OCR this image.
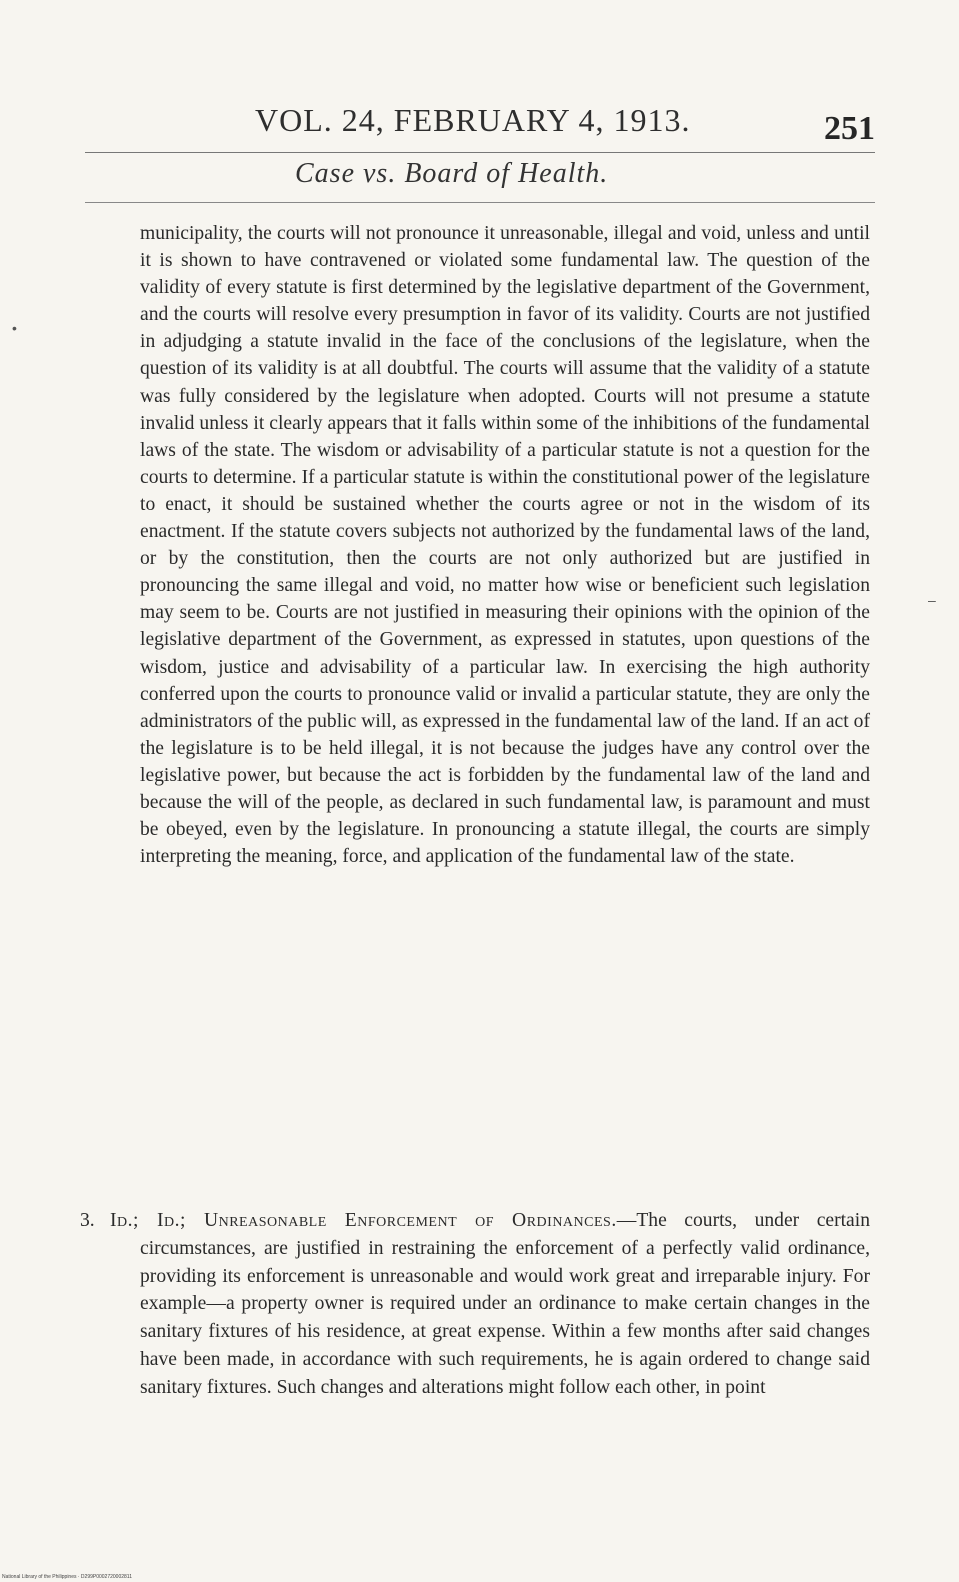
VOL. 24, FEBRUARY 4, 1913.	251
Case vs. Board of Health.

municipality, the courts will not pronounce it unreasonable, illegal and void, unless and until it is shown to have contravened or violated some fundamental law. The question of the validity of every statute is first determined by the legislative department of the Government, and the courts will resolve every presumption in favor of its validity. Courts are not justified in adjudging a statute invalid in the face of the conclusions of the legislature, when the question of its validity is at all doubtful. The courts will assume that the validity of a statute was fully considered by the legislature when adopted. Courts will not presume a statute invalid unless it clearly appears that it falls within some of the inhibitions of the fundamental laws of the state. The wisdom or advisability of a particular statute is not a question for the courts to determine. If a particular statute is within the constitutional power of the legislature to enact, it should be sustained whether the courts agree or not in the wisdom of its enactment. If the statute covers subjects not authorized by the fundamental laws of the land, or by the constitution, then the courts are not only authorized but are justified in pronouncing the same illegal and void, no matter how wise or beneficient such legislation may seem to be. Courts are not justified in measuring their opinions with the opinion of the legislative department of the Government, as expressed in statutes, upon questions of the wisdom, justice and advisability of a particular law. In exercising the high authority conferred upon the courts to pronounce valid or invalid a particular statute, they are only the administrators of the public will, as expressed in the fundamental law of the land. If an act of the legislature is to be held illegal, it is not because the judges have any control over the legislative power, but because the act is forbidden by the fundamental law of the land and because the will of the people, as declared in such fundamental law, is paramount and must be obeyed, even by the legislature. In pronouncing a statute illegal, the courts are simply interpreting the meaning, force, and application of the fundamental law of the state.

3. Id.; Id.; Unreasonable Enforcement of Ordinances.—The courts, under certain circumstances, are justified in restraining the enforcement of a perfectly valid ordinance, providing its enforcement is unreasonable and would work great and irreparable injury. For example—a property owner is required under an ordinance to make certain changes in the sanitary fixtures of his residence, at great expense. Within a few months after said changes have been made, in accordance with such requirements, he is again ordered to change said sanitary fixtures. Such changes and alterations might follow each other, in point

•
–
National Library of the Philippines · D299P0002720002811
